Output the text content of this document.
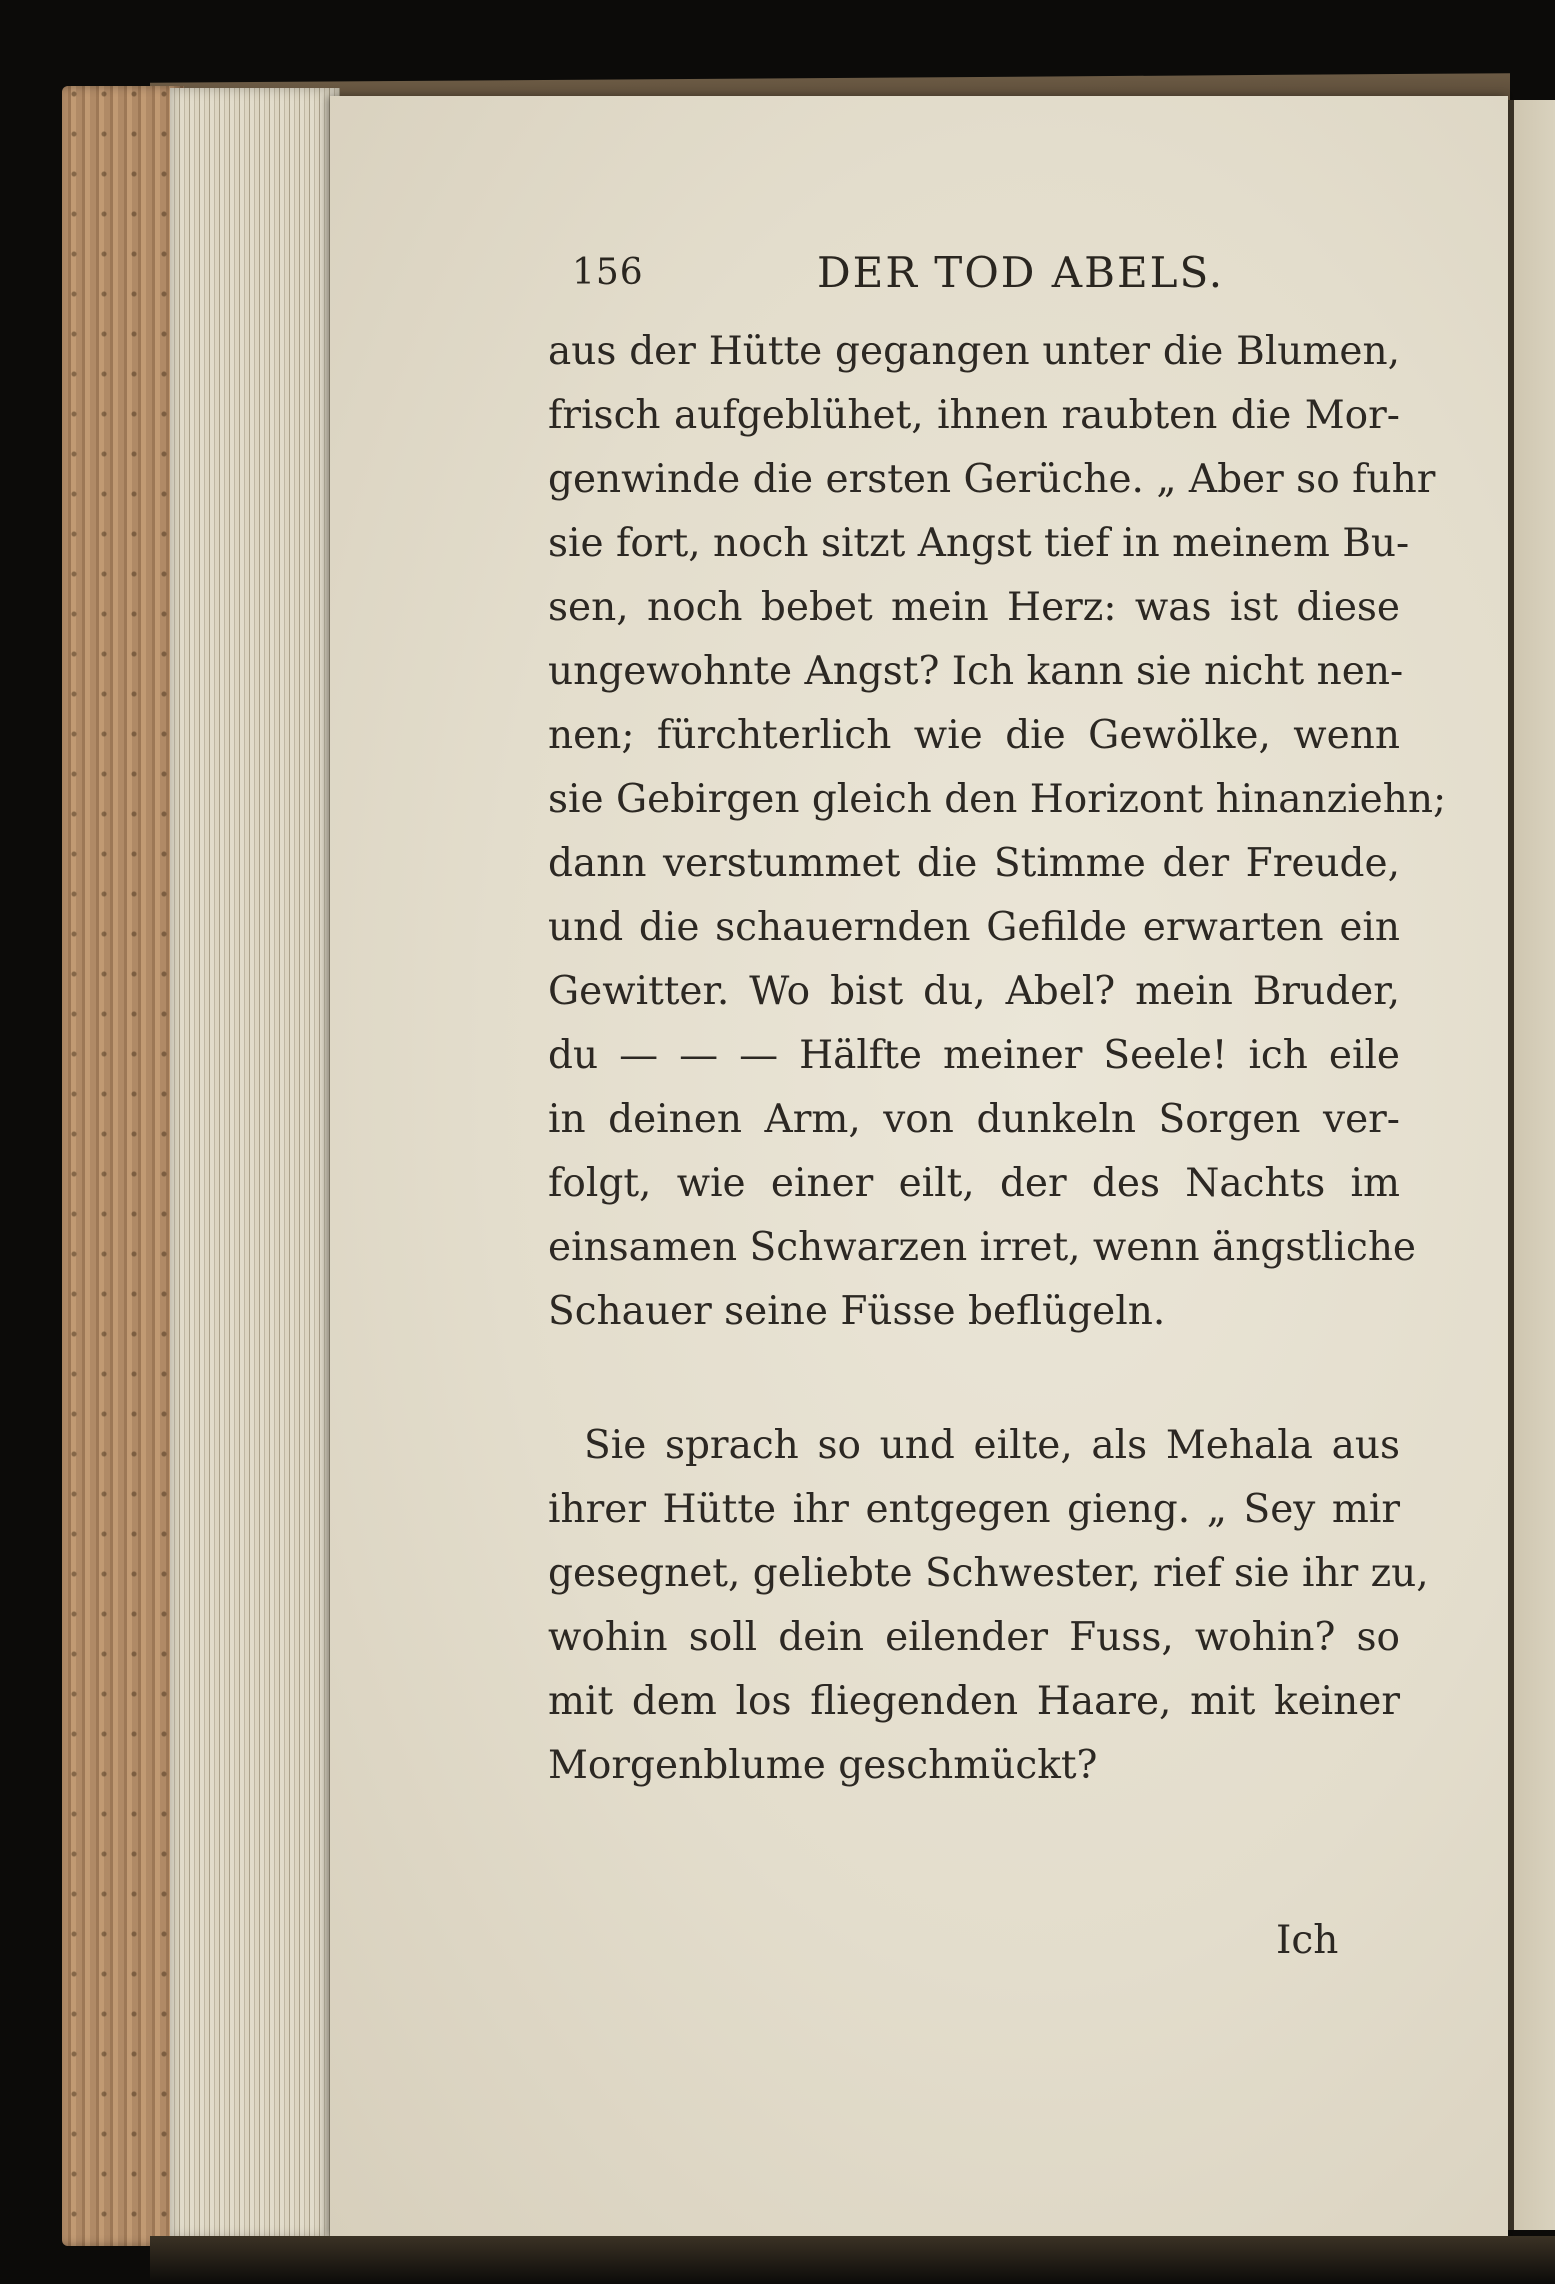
156	DER TOD ABELS.
aus der Hütte gegangen unter die Blumen,
frisch aufgeblühet, ihnen raubten die Mor-
genwinde die ersten Gerüche. „ Aber so fuhr
sie fort, noch sitzt Angst tief in meinem Bu-
sen, noch bebet mein Herz: was ist diese
ungewohnte Angst? Ich kann sie nicht nen-
nen; fürchterlich wie die Gewölke, wenn
sie Gebirgen gleich den Horizont hinanziehn;
dann verstummet die Stimme der Freude,
und die schauernden Gefilde erwarten ein
Gewitter. Wo bist du, Abel? mein Bruder,
du — — — Hälfte meiner Seele! ich eile
in deinen Arm, von dunkeln Sorgen ver-
folgt, wie einer eilt, der des Nachts im
einsamen Schwarzen irret, wenn ängstliche
Schauer seine Füsse beflügeln.
Sie sprach so und eilte, als Mehala aus
ihrer Hütte ihr entgegen gieng. „ Sey mir
gesegnet, geliebte Schwester, rief sie ihr zu,
wohin soll dein eilender Fuss, wohin? so
mit dem los fliegenden Haare, mit keiner
Morgenblume geschmückt?
Ich
